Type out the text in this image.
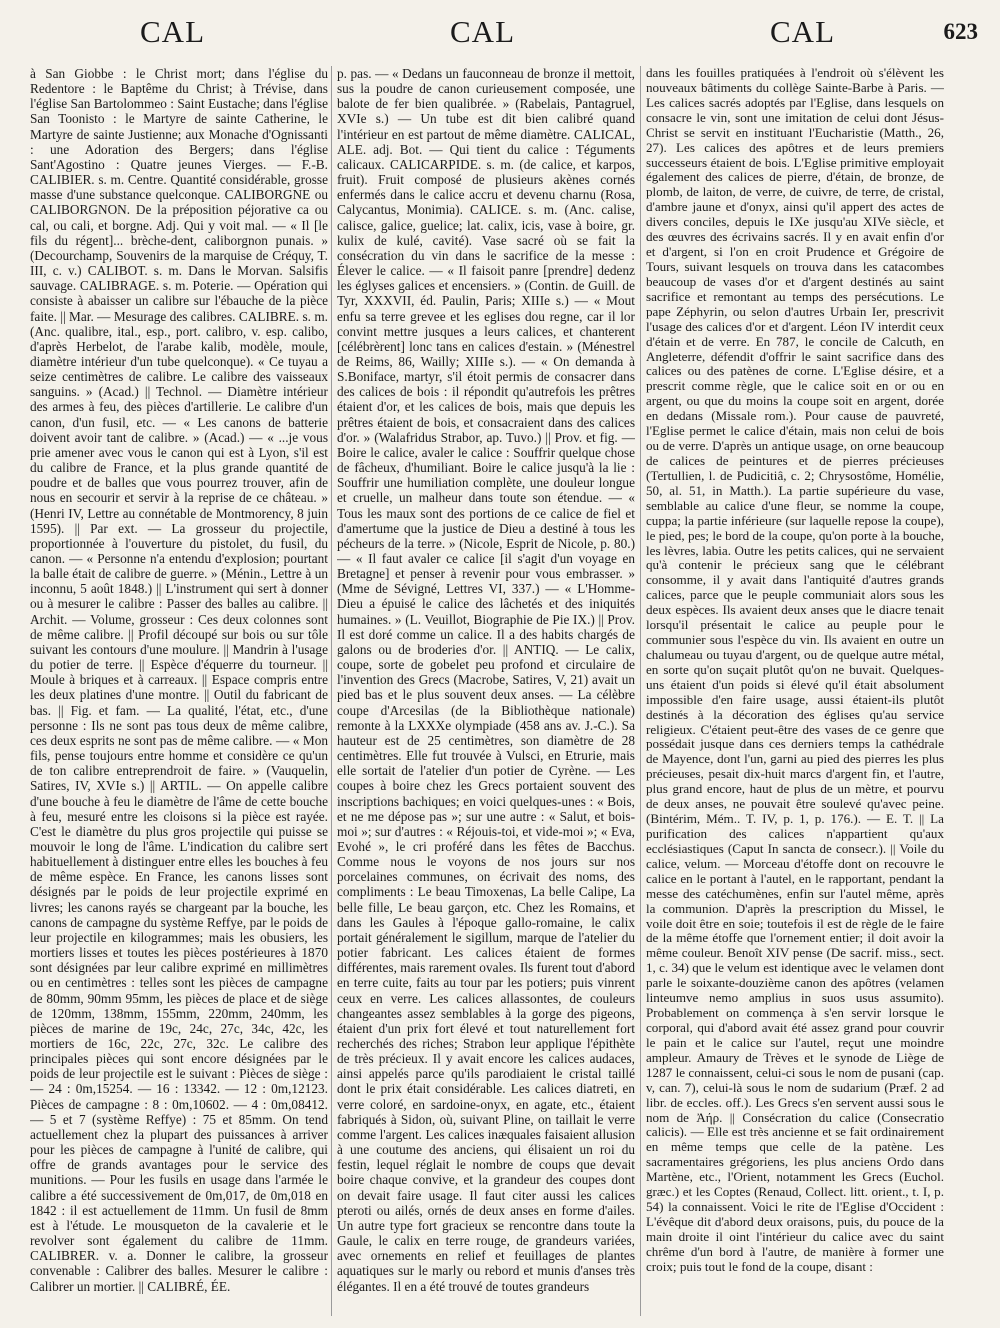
CAL	CAL	CAL	623

à San Giobbe : le Christ mort; dans l'église du Redentore : le Baptême du Christ; à Trévise, dans l'église San Bartolommeo : Saint Eustache; dans l'église San Toonisto : le Martyre de sainte Catherine, le Martyre de sainte Justienne; aux Monache d'Ognissanti : une Adoration des Bergers; dans l'église Sant'Agostino : Quatre jeunes Vierges. — F.-B. CALIBIER. s. m. Centre. Quantité considérable, grosse masse d'une substance quelconque. CALIBORGNE ou CALIBORGNON. De la préposition péjorative ca ou cal, ou cali, et borgne. Adj. Qui y voit mal. — « Il [le fils du régent]... brèche-dent, caliborgnon punais. » (Decourchamp, Souvenirs de la marquise de Créquy, T. III, c. v.) CALIBOT. s. m. Dans le Morvan. Salsifis sauvage. CALIBRAGE. s. m. Poterie. — Opération qui consiste à abaisser un calibre sur l'ébauche de la pièce faite. || Mar. — Mesurage des calibres. CALIBRE. s. m. (Anc. qualibre, ital., esp., port. calibro, v. esp. calibo, d'après Herbelot, de l'arabe kalib, modèle, moule, diamètre intérieur d'un tube quelconque). « Ce tuyau a seize centimètres de calibre. Le calibre des vaisseaux sanguins. » (Acad.) || Technol. — Diamètre intérieur des armes à feu, des pièces d'artillerie. Le calibre d'un canon, d'un fusil, etc. — « Les canons de batterie doivent avoir tant de calibre. » (Acad.) — « ...je vous prie amener avec vous le canon qui est à Lyon, s'il est du calibre de France, et la plus grande quantité de poudre et de balles que vous pourrez trouver, afin de nous en secourir et servir à la reprise de ce château. » (Henri IV, Lettre au connétable de Montmorency, 8 juin 1595). || Par ext. — La grosseur du projectile, proportionnée à l'ouverture du pistolet, du fusil, du canon. — « Personne n'a entendu d'explosion; pourtant la balle était de calibre de guerre. » (Ménin., Lettre à un inconnu, 5 août 1848.) || L'instrument qui sert à donner ou à mesurer le calibre : Passer des balles au calibre. || Archit. — Volume, grosseur : Ces deux colonnes sont de même calibre. || Profil découpé sur bois ou sur tôle suivant les contours d'une moulure. || Mandrin à l'usage du potier de terre. || Espèce d'équerre du tourneur. || Moule à briques et à carreaux. || Espace compris entre les deux platines d'une montre. || Outil du fabricant de bas. || Fig. et fam. — La qualité, l'état, etc., d'une personne : Ils ne sont pas tous deux de même calibre, ces deux esprits ne sont pas de même calibre. — « Mon fils, pense toujours entre homme et considère ce qu'un de ton calibre entreprendroit de faire. » (Vauquelin, Satires, IV, XVIe s.) || ARTIL. — On appelle calibre d'une bouche à feu le diamètre de l'âme de cette bouche à feu, mesuré entre les cloisons si la pièce est rayée. C'est le diamètre du plus gros projectile qui puisse se mouvoir le long de l'âme. L'indication du calibre sert habituellement à distinguer entre elles les bouches à feu de même espèce. En France, les canons lisses sont désignés par le poids de leur projectile exprimé en livres; les canons rayés se chargeant par la bouche, les canons de campagne du système Reffye, par le poids de leur projectile en kilogrammes; mais les obusiers, les mortiers lisses et toutes les pièces postérieures à 1870 sont désignées par leur calibre exprimé en millimètres ou en centimètres : telles sont les pièces de campagne de 80mm, 90mm 95mm, les pièces de place et de siège de 120mm, 138mm, 155mm, 220mm, 240mm, les pièces de marine de 19c, 24c, 27c, 34c, 42c, les mortiers de 16c, 22c, 27c, 32c. Le calibre des principales pièces qui sont encore désignées par le poids de leur projectile est le suivant : Pièces de siège : — 24 : 0m,15254. — 16 : 13342. — 12 : 0m,12123. Pièces de campagne : 8 : 0m,10602. — 4 : 0m,08412. — 5 et 7 (système Reffye) : 75 et 85mm. On tend actuellement chez la plupart des puissances à arriver pour les pièces de campagne à l'unité de calibre, qui offre de grands avantages pour le service des munitions. — Pour les fusils en usage dans l'armée le calibre a été successivement de 0m,017, de 0m,018 en 1842 : il est actuellement de 11mm. Un fusil de 8mm est à l'étude. Le mousqueton de la cavalerie et le revolver sont également du calibre de 11mm. CALIBRER. v. a. Donner le calibre, la grosseur convenable : Calibrer des balles. Mesurer le calibre : Calibrer un mortier. || CALIBRÉ, ÉE.

p. pas. — « Dedans un fauconneau de bronze il mettoit, sus la poudre de canon curieusement composée, une balote de fer bien qualibrée. » (Rabelais, Pantagruel, XVIe s.) — Un tube est dit bien calibré quand l'intérieur en est partout de même diamètre. CALICAL, ALE. adj. Bot. — Qui tient du calice : Téguments calicaux. CALICARPIDE. s. m. (de calice, et karpos, fruit). Fruit composé de plusieurs akènes cornés enfermés dans le calice accru et devenu charnu (Rosa, Calycantus, Monimia). CALICE. s. m. (Anc. calise, calisce, galice, guelice; lat. calix, icis, vase à boire, gr. kulix de kulé, cavité). Vase sacré où se fait la consécration du vin dans le sacrifice de la messe : Élever le calice. — « Il faisoit panre [prendre] dedenz les églyses galices et encensiers. » (Contin. de Guill. de Tyr, XXXVII, éd. Paulin, Paris; XIIIe s.) — « Mout enfu sa terre grevee et les eglises dou regne, car il lor convint mettre jusques a leurs calices, et chanterent [célébrèrent] lonc tans en calices d'estain. » (Ménestrel de Reims, 86, Wailly; XIIIe s.). — « On demanda à S.Boniface, martyr, s'il étoit permis de consacrer dans des calices de bois : il répondit qu'autrefois les prêtres étaient d'or, et les calices de bois, mais que depuis les prêtres étaient de bois, et consacraient dans des calices d'or. » (Walafridus Strabor, ap. Tuvo.) || Prov. et fig. — Boire le calice, avaler le calice : Souffrir quelque chose de fâcheux, d'humiliant. Boire le calice jusqu'à la lie : Souffrir une humiliation complète, une douleur longue et cruelle, un malheur dans toute son étendue. — « Tous les maux sont des portions de ce calice de fiel et d'amertume que la justice de Dieu a destiné à tous les pécheurs de la terre. » (Nicole, Esprit de Nicole, p. 80.) — « Il faut avaler ce calice [il s'agit d'un voyage en Bretagne] et penser à revenir pour vous embrasser. » (Mme de Sévigné, Lettres VI, 337.) — « L'Homme-Dieu a épuisé le calice des lâchetés et des iniquités humaines. » (L. Veuillot, Biographie de Pie IX.) || Prov. Il est doré comme un calice. Il a des habits chargés de galons ou de broderies d'or. || ANTIQ. — Le calix, coupe, sorte de gobelet peu profond et circulaire de l'invention des Grecs (Macrobe, Satires, V, 21) avait un pied bas et le plus souvent deux anses. — La célèbre coupe d'Arcesilas (de la Bibliothèque nationale) remonte à la LXXXe olympiade (458 ans av. J.-C.). Sa hauteur est de 25 centimètres, son diamètre de 28 centimètres. Elle fut trouvée à Vulsci, en Etrurie, mais elle sortait de l'atelier d'un potier de Cyrène. — Les coupes à boire chez les Grecs portaient souvent des inscriptions bachiques; en voici quelques-unes : « Bois, et ne me dépose pas »; sur une autre : « Salut, et bois-moi »; sur d'autres : « Réjouis-toi, et vide-moi »; « Eva, Evohé », le cri proféré dans les fêtes de Bacchus. Comme nous le voyons de nos jours sur nos porcelaines communes, on écrivait des noms, des compliments : Le beau Timoxenas, La belle Calipe, La belle fille, Le beau garçon, etc. Chez les Romains, et dans les Gaules à l'époque gallo-romaine, le calix portait généralement le sigillum, marque de l'atelier du potier fabricant. Les calices étaient de formes différentes, mais rarement ovales. Ils furent tout d'abord en terre cuite, faits au tour par les potiers; puis vinrent ceux en verre. Les calices allassontes, de couleurs changeantes assez semblables à la gorge des pigeons, étaient d'un prix fort élevé et tout naturellement fort recherchés des riches; Strabon leur applique l'épithète de très précieux. Il y avait encore les calices audaces, ainsi appelés parce qu'ils parodiaient le cristal taillé dont le prix était considérable. Les calices diatreti, en verre coloré, en sardoine-onyx, en agate, etc., étaient fabriqués à Sidon, où, suivant Pline, on taillait le verre comme l'argent. Les calices inæquales faisaient allusion à une coutume des anciens, qui élisaient un roi du festin, lequel réglait le nombre de coups que devait boire chaque convive, et la grandeur des coupes dont on devait faire usage. Il faut citer aussi les calices pteroti ou ailés, ornés de deux anses en forme d'ailes. Un autre type fort gracieux se rencontre dans toute la Gaule, le calix en terre rouge, de grandeurs variées, avec ornements en relief et feuillages de plantes aquatiques sur le marly ou rebord et munis d'anses très élégantes. Il en a été trouvé de toutes grandeurs

dans les fouilles pratiquées à l'endroit où s'élèvent les nouveaux bâtiments du collège Sainte-Barbe à Paris. — Les calices sacrés adoptés par l'Eglise, dans lesquels on consacre le vin, sont une imitation de celui dont Jésus-Christ se servit en instituant l'Eucharistie (Matth., 26, 27). Les calices des apôtres et de leurs premiers successeurs étaient de bois. L'Eglise primitive employait également des calices de pierre, d'étain, de bronze, de plomb, de laiton, de verre, de cuivre, de terre, de cristal, d'ambre jaune et d'onyx, ainsi qu'il appert des actes de divers conciles, depuis le IXe jusqu'au XIVe siècle, et des œuvres des écrivains sacrés. Il y en avait enfin d'or et d'argent, si l'on en croit Prudence et Grégoire de Tours, suivant lesquels on trouva dans les catacombes beaucoup de vases d'or et d'argent destinés au saint sacrifice et remontant au temps des persécutions. Le pape Zéphyrin, ou selon d'autres Urbain Ier, prescrivit l'usage des calices d'or et d'argent. Léon IV interdit ceux d'étain et de verre. En 787, le concile de Calcuth, en Angleterre, défendit d'offrir le saint sacrifice dans des calices ou des patènes de corne. L'Eglise désire, et a prescrit comme règle, que le calice soit en or ou en argent, ou que du moins la coupe soit en argent, dorée en dedans (Missale rom.). Pour cause de pauvreté, l'Eglise permet le calice d'étain, mais non celui de bois ou de verre. D'après un antique usage, on orne beaucoup de calices de peintures et de pierres précieuses (Tertullien, l. de Pudicitiâ, c. 2; Chrysostôme, Homélie, 50, al. 51, in Matth.). La partie supérieure du vase, semblable au calice d'une fleur, se nomme la coupe, cuppa; la partie inférieure (sur laquelle repose la coupe), le pied, pes; le bord de la coupe, qu'on porte à la bouche, les lèvres, labia. Outre les petits calices, qui ne servaient qu'à contenir le précieux sang que le célébrant consomme, il y avait dans l'antiquité d'autres grands calices, parce que le peuple communiait alors sous les deux espèces. Ils avaient deux anses que le diacre tenait lorsqu'il présentait le calice au peuple pour le communier sous l'espèce du vin. Ils avaient en outre un chalumeau ou tuyau d'argent, ou de quelque autre métal, en sorte qu'on suçait plutôt qu'on ne buvait. Quelques-uns étaient d'un poids si élevé qu'il était absolument impossible d'en faire usage, aussi étaient-ils plutôt destinés à la décoration des églises qu'au service religieux. C'étaient peut-être des vases de ce genre que possédait jusque dans ces derniers temps la cathédrale de Mayence, dont l'un, garni au pied des pierres les plus précieuses, pesait dix-huit marcs d'argent fin, et l'autre, plus grand encore, haut de plus de un mètre, et pourvu de deux anses, ne pouvait être soulevé qu'avec peine. (Bintérim, Mém.. T. IV, p. 1, p. 176.). — E. T. || La purification des calices n'appartient qu'aux ecclésiastiques (Caput In sancta de consecr.). || Voile du calice, velum. — Morceau d'étoffe dont on recouvre le calice en le portant à l'autel, en le rapportant, pendant la messe des catéchumènes, enfin sur l'autel même, après la communion. D'après la prescription du Missel, le voile doit être en soie; toutefois il est de règle de le faire de la même étoffe que l'ornement entier; il doit avoir la même couleur. Benoît XIV pense (De sacrif. miss., sect. 1, c. 34) que le velum est identique avec le velamen dont parle le soixante-douzième canon des apôtres (velamen linteumve nemo amplius in suos usus assumito). Probablement on commença à s'en servir lorsque le corporal, qui d'abord avait été assez grand pour couvrir le pain et le calice sur l'autel, reçut une moindre ampleur. Amaury de Trèves et le synode de Liège de 1287 le connaissent, celui-ci sous le nom de pusani (cap. v, can. 7), celui-là sous le nom de sudarium (Præf. 2 ad libr. de eccles. off.). Les Grecs s'en servent aussi sous le nom de Ἀήρ. || Consécration du calice (Consecratio calicis). — Elle est très ancienne et se fait ordinairement en même temps que celle de la patène. Les sacramentaires grégoriens, les plus anciens Ordo dans Martène, etc., l'Orient, notamment les Grecs (Euchol. græc.) et les Coptes (Renaud, Collect. litt. orient., t. I, p. 54) la connaissent. Voici le rite de l'Eglise d'Occident : L'évêque dit d'abord deux oraisons, puis, du pouce de la main droite il oint l'intérieur du calice avec du saint chrême d'un bord à l'autre, de manière à former une croix; puis tout le fond de la coupe, disant :
